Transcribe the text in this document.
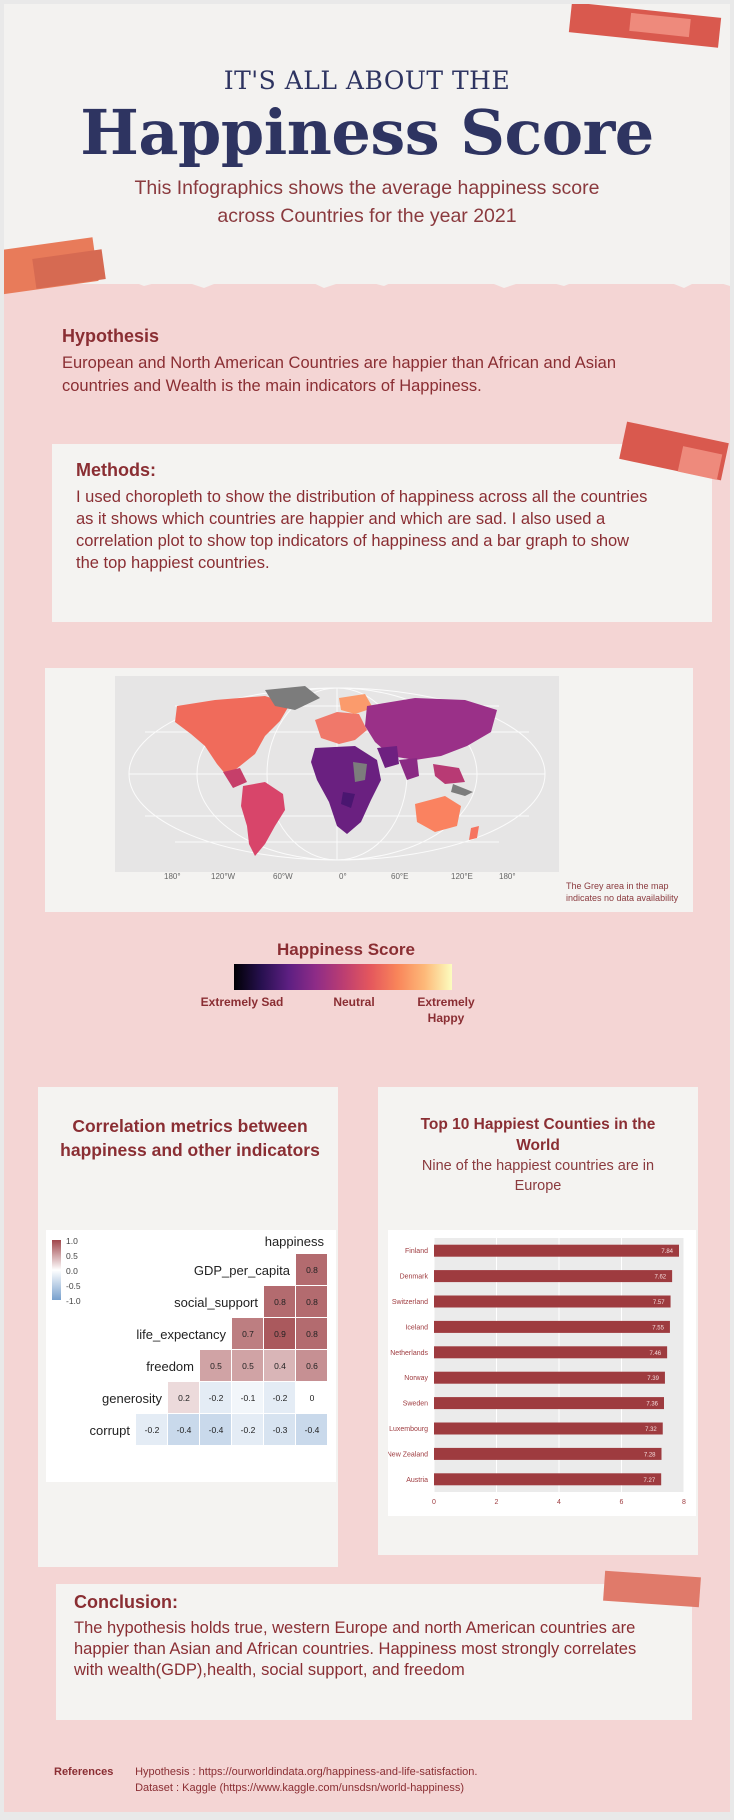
IT'S ALL ABOUT THE
Happiness Score
This Infographics shows the average happiness score across Countries for the year 2021
Hypothesis
European and North American Countries are happier than African and Asian countries and Wealth is the main indicators of Happiness.
Methods:
I used choropleth to show the distribution of happiness across all the countries as it shows which countries are happier and which are sad. I also used a correlation plot to show top indicators of happiness and a bar graph to show the top happiest countries.
180°	120°W	60°W	0°	60°E	120°E	180°
The Grey area in the map indicates no data availability
Happiness Score
Extremely Sad	Neutral	Extremely Happy
Correlation metrics between happiness and other indicators
1.0
0.5
0.0
-0.5
-1.0
happiness
GDP_per_capita 0.8
social_support 0.8 0.8
life_expectancy 0.7 0.9 0.8
freedom 0.5 0.5 0.4 0.6
generosity 0.2 -0.2 -0.1 -0.2	0
corrupt -0.2 -0.4 -0.4 -0.2 -0.3 -0.4
Top 10 Happiest Counties in the World
Nine of the happiest countries are in Europe
0	2	4	6	8
Finland	7.84
Denmark	7.62
Switzerland	7.57
Iceland	7.55
Netherlands	7.46
Norway	7.39
Sweden	7.36
Luxembourg	7.32
New Zealand	7.28
Austria	7.27
Conclusion:
The hypothesis holds true, western Europe and north American countries are happier than Asian and African countries. Happiness most strongly correlates with wealth(GDP),health, social support, and freedom
References Hypothesis : https://ourworldindata.org/happiness-and-life-satisfaction.
Dataset : Kaggle (https://www.kaggle.com/unsdsn/world-happiness)
